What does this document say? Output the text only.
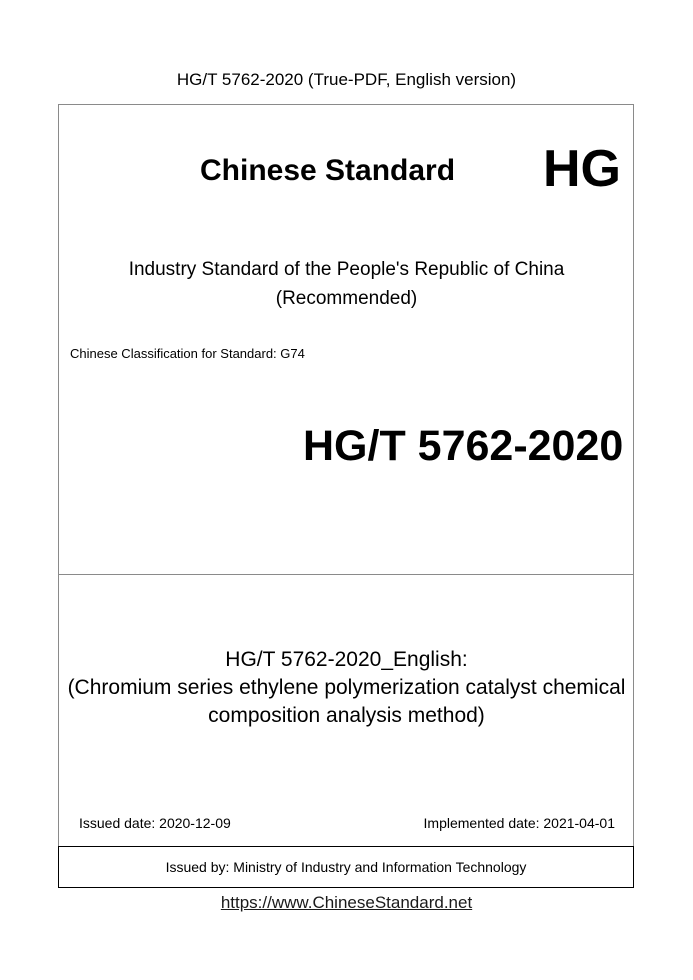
HG/T 5762-2020 (True-PDF, English version)
Chinese Standard HG
Industry Standard of the People's Republic of China
(Recommended)
Chinese Classification for Standard: G74
HG/T 5762-2020
HG/T 5762-2020_English:
(Chromium series ethylene polymerization catalyst chemical
composition analysis method)
Issued date: 2020-12-09	Implemented date: 2021-04-01
Issued by: Ministry of Industry and Information Technology
https://www.ChineseStandard.net
